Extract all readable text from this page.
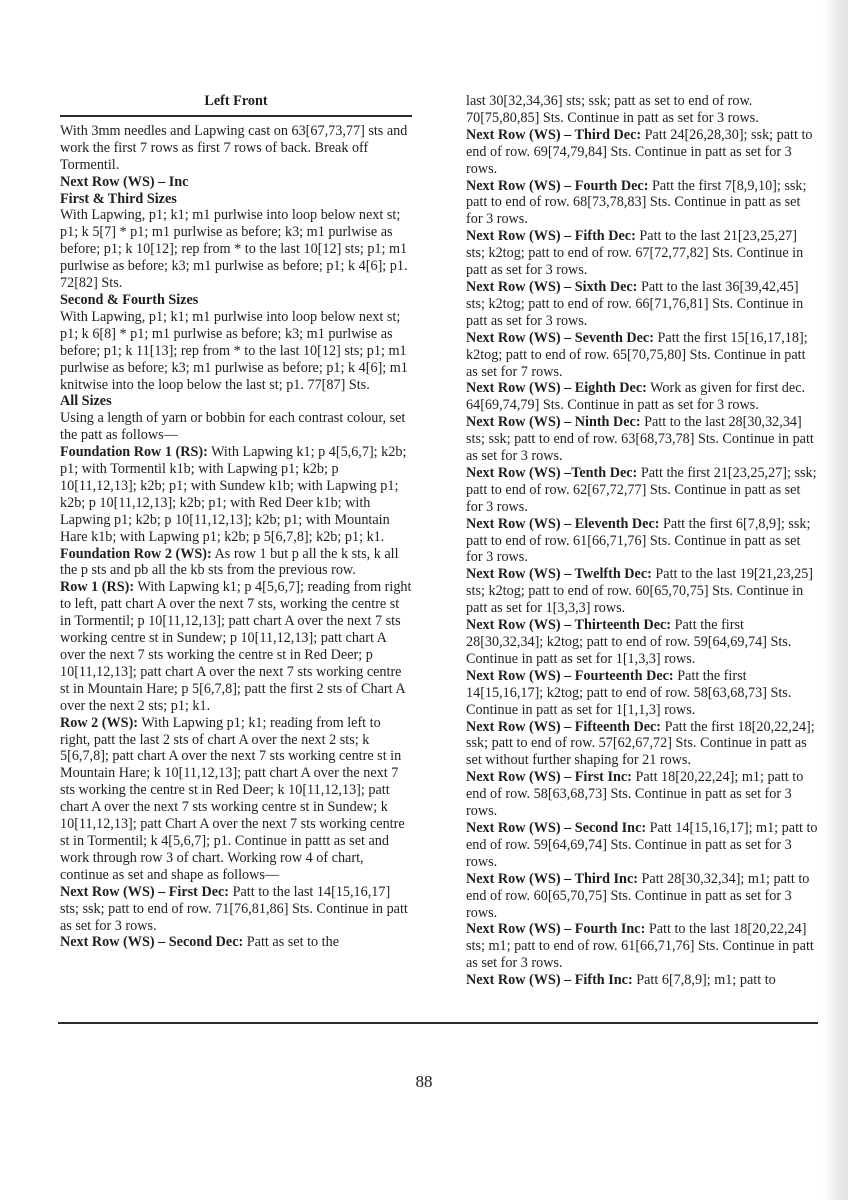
Left Front

With 3mm needles and Lapwing cast on 63[67,73,77] sts and work the first 7 rows as first 7 rows of back. Break off Tormentil.

Next Row (WS) – Inc

First & Third Sizes

With Lapwing, p1; k1; m1 purlwise into loop below next st; p1; k 5[7] * p1; m1 purlwise as before; k3; m1 purlwise as before; p1; k 10[12]; rep from * to the last 10[12] sts; p1; m1 purlwise as before; k3; m1 purlwise as before; p1; k 4[6]; p1. 72[82] Sts.

Second & Fourth Sizes

With Lapwing, p1; k1; m1 purlwise into loop below next st; p1; k 6[8] * p1; m1 purlwise as before; k3; m1 purlwise as before; p1; k 11[13]; rep from * to the last 10[12] sts; p1; m1 purlwise as before; k3; m1 purlwise as before; p1; k 4[6]; m1 knitwise into the loop below the last st; p1. 77[87] Sts.

All Sizes

Using a length of yarn or bobbin for each contrast colour, set the patt as follows—

Foundation Row 1 (RS): With Lapwing k1; p 4[5,6,7]; k2b; p1; with Tormentil k1b; with Lapwing p1; k2b; p 10[11,12,13]; k2b; p1; with Sundew k1b; with Lapwing p1; k2b; p 10[11,12,13]; k2b; p1; with Red Deer k1b; with Lapwing p1; k2b; p 10[11,12,13]; k2b; p1; with Mountain Hare k1b; with Lapwing p1; k2b; p 5[6,7,8]; k2b; p1; k1.

Foundation Row 2 (WS): As row 1 but p all the k sts, k all the p sts and pb all the kb sts from the previous row.

Row 1 (RS): With Lapwing k1; p 4[5,6,7]; reading from right to left, patt chart A over the next 7 sts, working the centre st in Tormentil; p 10[11,12,13]; patt chart A over the next 7 sts working centre st in Sundew; p 10[11,12,13]; patt chart A over the next 7 sts working the centre st in Red Deer; p 10[11,12,13]; patt chart A over the next 7 sts working centre st in Mountain Hare; p 5[6,7,8]; patt the first 2 sts of Chart A over the next 2 sts; p1; k1.

Row 2 (WS): With Lapwing p1; k1; reading from left to right, patt the last 2 sts of chart A over the next 2 sts; k 5[6,7,8]; patt chart A over the next 7 sts working centre st in Mountain Hare; k 10[11,12,13]; patt chart A over the next 7 sts working the centre st in Red Deer; k 10[11,12,13]; patt chart A over the next 7 sts working centre st in Sundew; k 10[11,12,13]; patt Chart A over the next 7 sts working centre st in Tormentil; k 4[5,6,7]; p1. Continue in pattt as set and work through row 3 of chart. Working row 4 of chart, continue as set and shape as follows—

Next Row (WS) – First Dec: Patt to the last 14[15,16,17] sts; ssk; patt to end of row. 71[76,81,86] Sts. Continue in patt as set for 3 rows.

Next Row (WS) – Second Dec: Patt as set to the

last 30[32,34,36] sts; ssk; patt as set to end of row. 70[75,80,85] Sts. Continue in patt as set for 3 rows.

Next Row (WS) – Third Dec: Patt 24[26,28,30]; ssk; patt to end of row. 69[74,79,84] Sts. Continue in patt as set for 3 rows.

Next Row (WS) – Fourth Dec: Patt the first 7[8,9,10]; ssk; patt to end of row. 68[73,78,83] Sts. Continue in patt as set for 3 rows.

Next Row (WS) – Fifth Dec: Patt to the last 21[23,25,27] sts; k2tog; patt to end of row. 67[72,77,82] Sts. Continue in patt as set for 3 rows.

Next Row (WS) – Sixth Dec: Patt to the last 36[39,42,45] sts; k2tog; patt to end of row. 66[71,76,81] Sts. Continue in patt as set for 3 rows.

Next Row (WS) – Seventh Dec: Patt the first 15[16,17,18]; k2tog; patt to end of row. 65[70,75,80] Sts. Continue in patt as set for 7 rows.

Next Row (WS) – Eighth Dec: Work as given for first dec. 64[69,74,79] Sts. Continue in patt as set for 3 rows.

Next Row (WS) – Ninth Dec: Patt to the last 28[30,32,34] sts; ssk; patt to end of row. 63[68,73,78] Sts. Continue in patt as set for 3 rows.

Next Row (WS) –Tenth Dec: Patt the first 21[23,25,27]; ssk; patt to end of row. 62[67,72,77] Sts. Continue in patt as set for 3 rows.

Next Row (WS) – Eleventh Dec: Patt the first 6[7,8,9]; ssk; patt to end of row. 61[66,71,76] Sts. Continue in patt as set for 3 rows.

Next Row (WS) – Twelfth Dec: Patt to the last 19[21,23,25] sts; k2tog; patt to end of row. 60[65,70,75] Sts. Continue in patt as set for 1[3,3,3] rows.

Next Row (WS) – Thirteenth Dec: Patt the first 28[30,32,34]; k2tog; patt to end of row. 59[64,69,74] Sts. Continue in patt as set for 1[1,3,3] rows.

Next Row (WS) – Fourteenth Dec: Patt the first 14[15,16,17]; k2tog; patt to end of row. 58[63,68,73] Sts. Continue in patt as set for 1[1,1,3] rows.

Next Row (WS) – Fifteenth Dec: Patt the first 18[20,22,24]; ssk; patt to end of row. 57[62,67,72] Sts. Continue in patt as set without further shaping for 21 rows.

Next Row (WS) – First Inc: Patt 18[20,22,24]; m1; patt to end of row. 58[63,68,73] Sts. Continue in patt as set for 3 rows.

Next Row (WS) – Second Inc: Patt 14[15,16,17]; m1; patt to end of row. 59[64,69,74] Sts. Continue in patt as set for 3 rows.

Next Row (WS) – Third Inc: Patt 28[30,32,34]; m1; patt to end of row. 60[65,70,75] Sts. Continue in patt as set for 3 rows.

Next Row (WS) – Fourth Inc: Patt to the last 18[20,22,24] sts; m1; patt to end of row. 61[66,71,76] Sts. Continue in patt as set for 3 rows.

Next Row (WS) – Fifth Inc: Patt 6[7,8,9]; m1; patt to

88
